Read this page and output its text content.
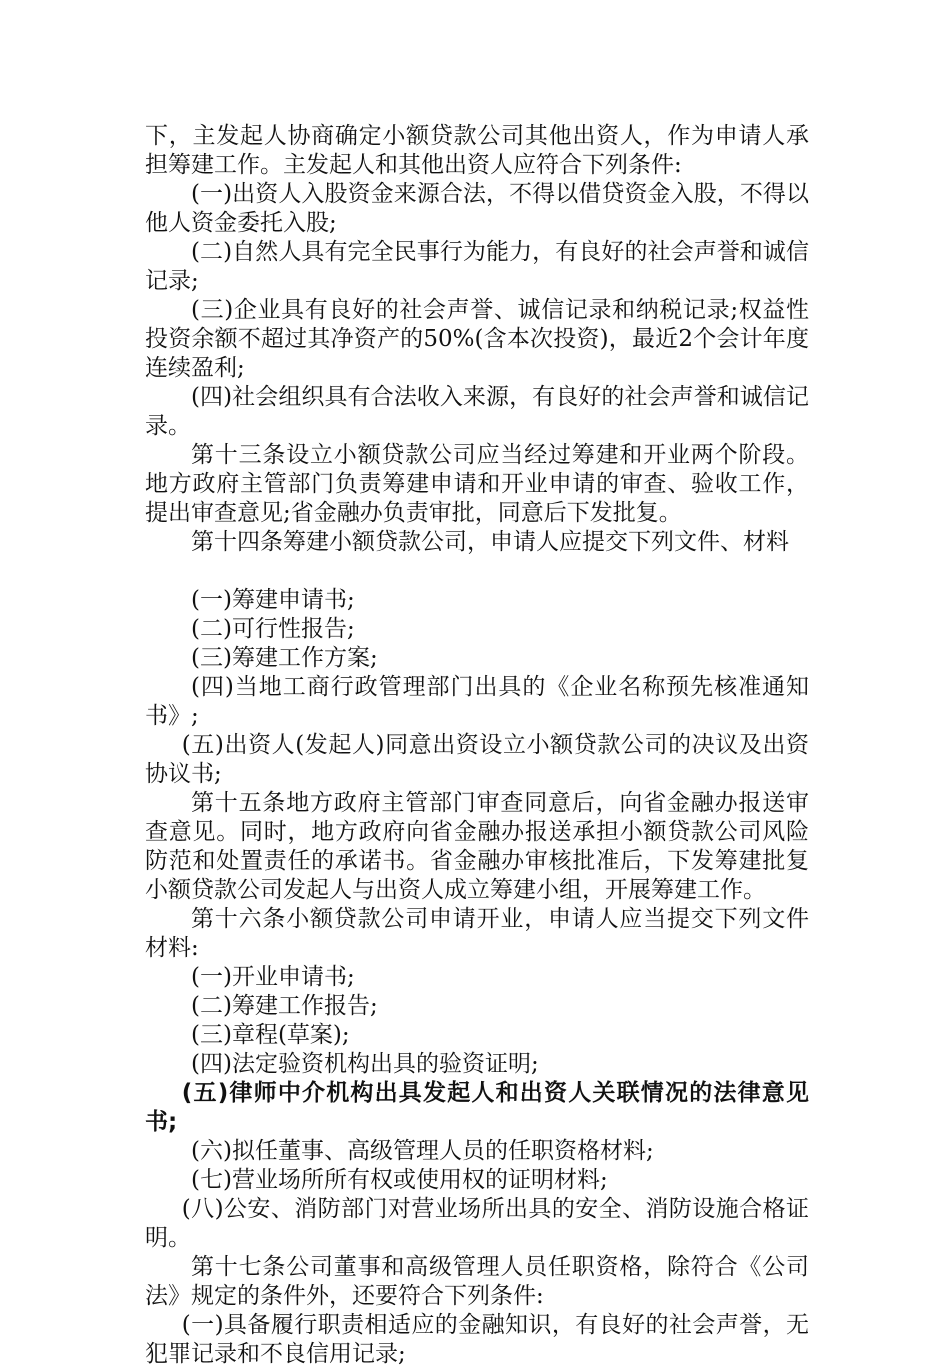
下，主发起人协商确定小额贷款公司其他出资人，作为申请人承担筹建工作。主发起人和其他出资人应符合下列条件:

(一)出资人入股资金来源合法，不得以借贷资金入股，不得以他人资金委托入股;

(二)自然人具有完全民事行为能力，有良好的社会声誉和诚信记录;

(三)企业具有良好的社会声誉、诚信记录和纳税记录;权益性投资余额不超过其净资产的50%(含本次投资)，最近2个会计年度连续盈利;

(四)社会组织具有合法收入来源，有良好的社会声誉和诚信记录。

第十三条设立小额贷款公司应当经过筹建和开业两个阶段。地方政府主管部门负责筹建申请和开业申请的审查、验收工作，提出审查意见;省金融办负责审批，同意后下发批复。

第十四条筹建小额贷款公司，申请人应提交下列文件、材料

(一)筹建申请书;

(二)可行性报告;

(三)筹建工作方案;

(四)当地工商行政管理部门出具的《企业名称预先核准通知书》;

(五)出资人(发起人)同意出资设立小额贷款公司的决议及出资协议书;

第十五条地方政府主管部门审查同意后，向省金融办报送审查意见。同时，地方政府向省金融办报送承担小额贷款公司风险防范和处置责任的承诺书。省金融办审核批准后，下发筹建批复小额贷款公司发起人与出资人成立筹建小组，开展筹建工作。

第十六条小额贷款公司申请开业，申请人应当提交下列文件材料:

(一)开业申请书;

(二)筹建工作报告;

(三)章程(草案);

(四)法定验资机构出具的验资证明;

(五)律师中介机构出具发起人和出资人关联情况的法律意见书;

(六)拟任董事、高级管理人员的任职资格材料;

(七)营业场所所有权或使用权的证明材料;

(八)公安、消防部门对营业场所出具的安全、消防设施合格证明。

第十七条公司董事和高级管理人员任职资格，除符合《公司法》规定的条件外，还要符合下列条件:

(一)具备履行职责相适应的金融知识，有良好的社会声誉，无犯罪记录和不良信用记录;
